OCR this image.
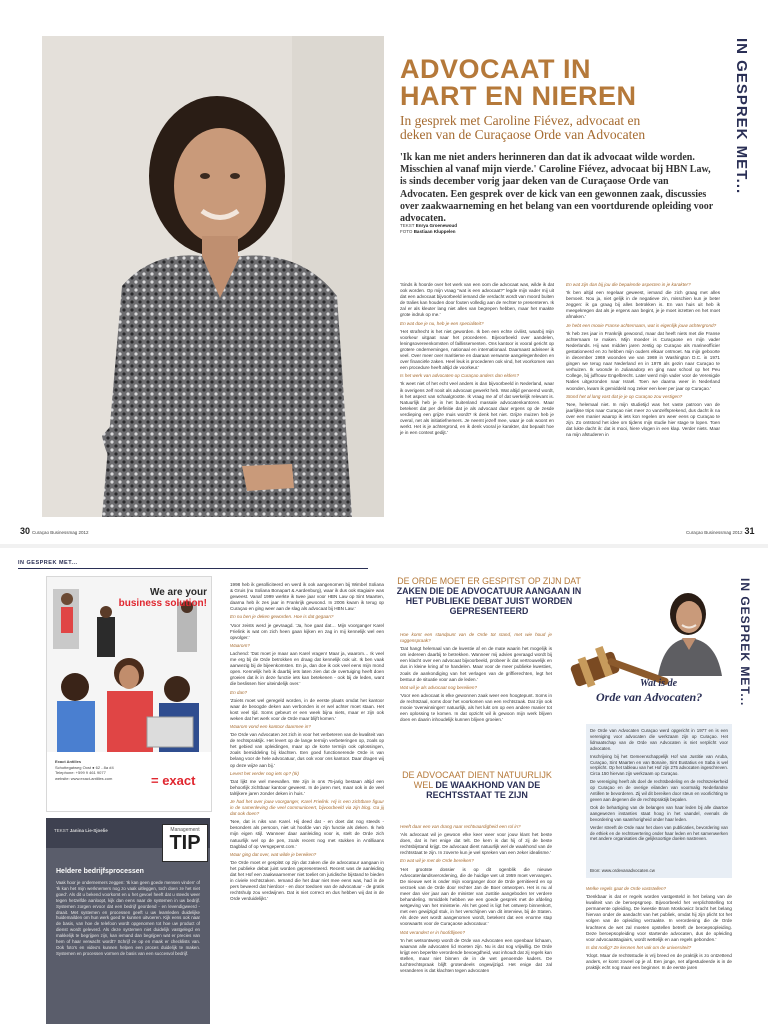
IN GESPREK MET...
ADVOCAAT IN
HART EN NIEREN
In gesprek met Caroline Fiévez, advocaat en
deken van de Curaçaose Orde van Advocaten
'Ik kan me niet anders herinneren dan dat ik advocaat wilde worden. Misschien al vanaf mijn vierde.' Caroline Fiévez, advocaat bij HBN Law, is sinds december vorig jaar deken van de Curaçaose Orde van Advocaten. Een gesprek over de kick van een gewonnen zaak, discussies over zaakwaarneming en het belang van een voortdurende opleiding voor advocaten.
TEKST Enrya Groenewoud
FOTO Bastiaan Kluppelen

'Sinds ik hoorde over het werk van een oom die advocaat was, wilde ik dat ook worden. Op mijn vraag "wat is een advocaat?" legde mijn vader mij uit dat een advocaat bijvoorbeeld iemand die verdacht wordt van moord buiten de tralies kan houden door fouten volledig aan de rechter te presenteren. Ik zal er als kleuter lang niet alles van begrepen hebben, maar het maakte grote indruk op me.'

En wat doe je nu, heb je een specialiteit?

'Het strafrecht is het niet geworden. Ik ben een echte civilist, waarbij mijn voorkeur uitgaat naar het procederen. Bijvoorbeeld over aandelen, leningsovereenkomsten of faillissementen. Ons kantoor is vooral gericht op grotere ondernemingen, nationaal en internationaal. Daarnaast adviseer ik veel. Over meer over maritieme en daaraan verwante aangelegenheden en over financiële zaken. Heel leuk is procederen ook vind, het voorkomen van een procedure heeft altijd de voorkeur.'

Is het werk van advocaten op Curaçao anders dan elders?

'Ik weet niet of het echt veel anders is dan bijvoorbeeld in Nederland, waar ik overigens zelf nooit als advocaat gewerkt heb. Wat altijd genoemd wordt, is het aspect van schaalgrootte. Ik vraag me af of dat werkelijk relevant is. Natuurlijk heb je in het buitenland massale advocatenkantoren. Maar betekent dat per definitie dat je als advocaat daar ergens op de zesde verdieping een grijze muis wordt? Ik denk het niet. Grijze muizen heb je overal, net als initiatiefnemers. Je neemt jezelf mee, waar je ook woont en werkt. Het is je achtergrond, en ik denk vooral je karakter, dat bepaalt hoe je in een context gedijt.'

En wat zijn dan bij jou die bepalende aspecten in je karakter?

'Ik ben altijd een regelaar geweest, iemand die zich graag met alles bemoeit. Nou ja, niet gelijk in de negatieve zin, misschien kun je beter zeggen: ik ga graag bij alles betrokken is. En van huis uit heb ik meegekregen dat als je ergens aan begint, je je moet inzetten en het moet afmaken.'

Je hebt een mooie Franse achternaam, wat is eigenlijk jouw achtergrond?

'Ik heb zes jaar in Frankrijk gewoond, maar dat heeft niets met die Franse achternaam te maken. Mijn moeder is Curaçaose en mijn vader Nederlands. Hij was midden jaren zestig op Curaçao als rnarineofficier gestationeerd en zo hebben mijn ouders elkaar ontmoet. Na mijn geboorte in december 1969 woonden we van 1969 in Washington D.C. in 1971 gingen we terug naar Nederland en in 1978 als gezin naar Curaçao te verhuizen. Ik woonde in Julianadorp en ging naar school op het Peu College, bij juffrouw Engelbrecht. Later werd mijn vader voor de Verenigde Naties uitgezonden naar Israël. Toen we daarna weer in Nederland woonden, kwam ik gemiddeld nog zeker een keer per jaar op Curaçao.'

Stond het al lang vast dat je je op Curaçao zou vestigen?

'Nee, helemaal niet. In mijn studietijd was het vaste patroon van de jaarlijkse trips naar Curaçao niet meer zo vanzelfsprekend, dus dacht ik na over een manier waarop ik iets kon regelen om weer eens op Curaçao te zijn. Zo ontstond het idee om tijdens mijn studie hier stage te lopen. Toen dat lukte dacht ik: dat is mooi, hiere vlogen in een klap. Verder niets. Maar na mijn afstuderen in

30 Curaçao Businessmag 2012	Curaçao Businessmag 2012 31
IN GESPREK MET...
We are your
business solution!
Exact Antilles
Schottegatweg Oost ● 62 - 8a #4
Telephone: +599 9 461 9077
website: www.exact-antilles.com	= exact
TEKST Janina Lie-Sjoelie	Management
TIP
Heldere bedrijfsprocessen
Vaak hoor je ondernemers zeggen: 'Ik kan geen goede mensen vinden' of 'Ik kan het mijn werknemers nog zo vaak uitleggen, toch doen ze het niet goed'. Als dit u bekend voorkomt en u het gevoel heeft dat u steeds weer tegen hetzelfde aanloopt, kijk dan eens naar de systemen in uw bedrijf. Systemen zorgen ervoor dat een bedrijf geordend - en levendigweerd - draait. Met systemen en processen geeft u uw leamleden duidelijke huidemailden om hun werk goed te kunnen uitvoeren. Kijk eens ook naar de basis, van hoe de telefoon wordt opgenomen tot hoe uw product of dienst wordt geleverd. Als deze systemen niet duidelijk vastgelegd en makkelijk te begrijpen zijn, kan iemand dan begrijpen wat er precies van hem of haar verwacht wordt? Schrijf ze op en maak er checklists van. Ook foto's en video's kunnen helpen een proces duidelijk te maken. Systemen en processen vormen de basis van een succesvol bedrijf.

1998 heb ik gesolliciteerd en werd ik ook aangenomen bij Wimbel Soliana & Gruis (nu Soliana Bonapart & Aardenburg), waar ik dus ook stagiaire was geweest. Vanaf 1999 werkte ik twee jaar voor HBN Law op Sint Maarten, daarna heb ik zes jaar in Frankrijk gewoond. In 2006 kwam ik terug op Curaçao en ging weer aan de slag als advocaat bij HBN Law.'

En nu ben je deken geworden. Hoe is dat gegaan?

'Voor zeists werd je gevraagd. 'Ja, hoe gaat dat… Mijn voorganger Karel Frielink is wat om zich heen gaan kijken en zag in mij kennelijk wel een opvolger.'

Waarom?

Lachend: 'Dat moet je maar aan Karel vragen! Maar ja, waarom… Ik veel me erg bij de Orde betrokken en draag dat kennelijk ook uit. Ik ben vaak aanwezig bij de bijeenkomsten. En ja, dan doe ik ook veel eens mijn mond open. Kennelijk heb ik daarbij iets laten zien dat de overtuiging heeft doen groeien dat ik in deze functie iets kan betekenen - ook bij de leden, want die beslissen hier uiteindelijk over.'

En dan?

'Zoiets moet wel geregeld worden, in de eerste plaats omdat het kantoor waar de beoogde deken aan verbonden is er wel achter moet staan. Het kost veel tijd. Soms gebeurt er een week bijna niets, maar er zijn ook weken dat het werk voor de Orde maar blijft komen.'

Waarom vond een kantoor daarmee in?

'De Orde van Advocaten zet zich in voor het verbeteren van de kwaliteit van de rechtspraktijk. Het levert op de lange termijn verbeteringen op, zoals op het gebied van opleidingen, maar op de korte termijn ook oplossingen, zoals bemiddeling bij klachten. Een goed functionerende Orde is van belang voor de hele advocatuur, dus ook voor ons kantoor. Daar dragen wij op deze wijze aan bij.'

Levert het verder nog iets op? (Ik)

'Dat lijkt me wel meevallen. We zijn in ons 75-jarig bestaan altijd een behoorlijk zichtbaar kantoor geweest. In de jaren met, maar ook in de veel talrijkere jaren zonder deken in huis.'

Je had het over jouw voorganger, Karel Frielink. Hij is een zichtbare figuur in de samenleving die veel communiceert, bijvoorbeeld via zijn blog. Ga jij dat ook doen?

'Nee, dat is niks van Karel. Hij deed dat - en doet dat nog steeds - besonders als persoon, niet uit hoofde van zijn functie als deken. Ik heb mijn eigen stijl. Wanneer daar aanleiding voor is, stelt de Orde zich natuurlijk wel op de pen, zoals recent nog met stukken in Antilliaans Dagblad of op Versgeperst.com.'

Waar ging dat over, wat wilde je bereiken?

'De Orde moet er gespitst op zijn dat zaken die de advocatuur aangaan in het publieke debat juist worden gepresenteerd. Recent was de aanleiding dat het Hof een zaakwaarnemer niet toeliet om juridische bijstand te bieden in civiele rechtszaken. Iemand die het daar niet mee eens was, had in de pers beweerd dat hierdoor - en door toedoen van de advocatuur - de gratis rechtshulp zou verdwijnen. Dat is niet correct en dus hebben wij dat in de Orde verduidelijkt.'

DE ORDE MOET ER GESPITST OP ZIJN DAT ZAKEN DIE DE ADVOCATUUR AANGAAN IN HET PUBLIEKE DEBAT JUIST WORDEN GEPRESENTEERD

Hoe komt een standpunt van de Orde tot stand, met wie houd je ruggenspraak?

'Dat hangt helemaal van de kwestie af en de mate waarin het mogelijk is om iedereen daarbij te betrekken. Wanneer mij advies gevraagd wordt bij een klacht over een advocaat bijvoorbeeld, probeer ik dat vertrouwelijk en dus in kleine kring af te handelen. Maar voor de meer publieke kwesties, zoals de aankondiging van het verlagen van de griffierechten, legt het bestuur de situatie voor aan de leden.'

Wat wil je als advocaat nog bereiken?

'Voor een advocaat is elke gewonnen zaak weer een hoogtepunt. Soms in de rechtszaal, soms door het voorkomen van een rechtszaak. Dat zijn ook mooie 'overwinningen' natuurlijk, als het lukt om op een andere manier tot een oplossing te komen. In dat opzicht wil ik gewoon mijn werk blijven doen en daarin inhoudelijk kunnen blijven groeien.'

DE ADVOCAAT DIENT NATUURLIJK WEL DE WAAKHOND VAN DE RECHTSSTAAT TE ZIJN

Heeft daar een van drang naar rechtvaardigheid een rol in?

'Als advocaat wil je gewoon elke keer weer voor jouw klant het beste doen, dat is het enige dat telt. De kern is dat hij of zij de beste rechtsbijstand krijgt. De advocaat dient natuurlijk wel de waakhond van de rechtsstaat te zijn. In zoverre kun je wel spreken van een zeker idealisme.'

En wat wil je met de Orde bereiken?

'Het grootste dossier is op dit ogenblik die nieuwe Advocatenlandsverordening, die de huidige wet uit 1959 moet vervangen. De nieuwe wet is onder mijn voorganger door de Orde geïnitieerd en op verzoek van de Orde door rechter Jan de Boer ontworpen. Het is nu al meer dan vier jaar aan de minister van Justitie aangeboden ter verdere behandeling. Inmiddels hebben we een goede gesprek met de afdeling wetgeving van het ministerie. Als het goed is ligt het ontwerp binnenkort, met een gewijzigd stuk, in het verschijnen van dit interview, bij de Staten. Als deze wet wordt aangenomen wordt, betekent dat een enorme stap voorwaarts voor de Curaçaose advocatuur.'

Wat verandert er in hoofdlijnen?

'In het wetsontwerp wordt de Orde van Advocaten een openbaar lichaam, waarvan alle advocaten lid moeten zijn. Nu is dat nog vrijwillig. De Orde krijgt een beperkte verordende bevoegdheid, wat inhoudt dat zij regels kan stellen, maar niet binnen de in de wet genoemde kaders. De tuchtrechtspraak blijft grotendeels ongewijzigd. Het enige dat zal veranderen is dat klachten tegen advocaten

Wat is de
Orde van Advocaten?	IN GESPREK MET...

De Orde van Advocaten Curaçao werd opgericht in 1977 en is een vereniging voor advocaten die werkzaam zijn op Curaçao. Het lidmaatschap van de Orde van Advocaten is niet verplicht voor advocaten.

Inschrijving bij het Gemeenschappelijk Hof van Justitie van Aruba, Curaçao, Sint Maarten en van Bonaire, Sint Eustatius en Saba is wel verplicht. Op het tableau van het Hof zijn 275 advocaten ingeschreven. Circa 150 hiervan zijn werkzaam op Curaçao.

De vereniging heeft als doel de rechtsbedeling en de rechtszekerheid op Curaçao en de overige eilanden van voormalig Nederlandse Antillen te bevorderen. Zij wil dit bereiken door steun en voorlichting te geven aan degenen die de rechtspraktijk bepalen.

Ook de behartiging van de belangen van haar leden bij alle daartoe aangewezen instanties staat hoog in het vaandel, evenals de bevordering van saamhorigheid onder haar leden.

Verder streeft de Orde naar het doen van publicaties, bevordering van de ethiek en de rechtsvertering onder haar leden en het samenwerken met andere organisaties die gelijksoortige doelen nastreven.

Bron: www.ordevanadvocaten.cw

Welke regels gaat de Orde vaststellen?

'Denkbaar is dat er regels worden vastgesteld in het belang van de kwaliteit van de beroepsgroep. Bijvoorbeeld het verplichtstelling tot permanente opleiding. De kwestie Bram Moskowicz bracht het belang hiervan onder de aandacht van het publiek, omdat hij zijn plicht tot het volgen van de opleiding verzaakte. In verordening die de Orde krachtens de wet zal moeten opstellen betreft de beroepsopleiding. Deze beroepsopleiding voor startende advocaten, dus de opleiding voor advocaatstagiairs, wordt wettelijk en aan regels gebonden.'

Is dat nodig? Ze kennen het vak om de universiteit?

'Klopt. Maar de rechtsstudie is vrij breed en de praktijk is zo ontzettend anders, er komt zoveel op je af. Een jonge, net afgestudeerde is in de praktijk echt nog maar een beginner. In de eerste jaren
